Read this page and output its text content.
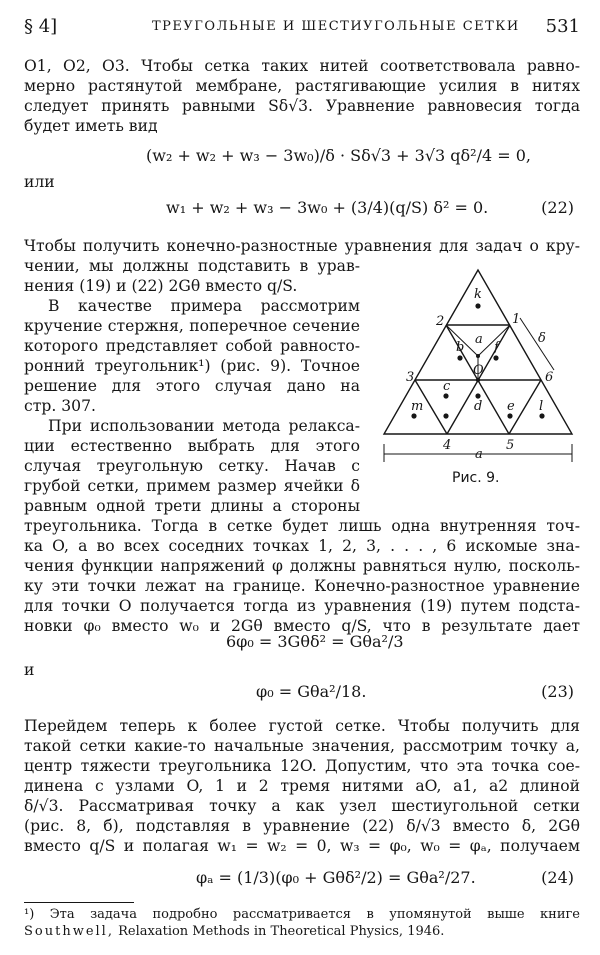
§ 4]	ТРЕУГОЛЬНЫЕ И ШЕСТИУГОЛЬНЫЕ СЕТКИ 531
O1, O2, O3. Чтобы сетка таких нитей соответствовала равно-
мерно растянутой мембране, растягивающие усилия в нитях
следует принять равными Sδ√3. Уравнение равновесия тогда
будет иметь вид
(w₂ + w₂ + w₃ − 3w₀)/δ · Sδ√3 + 3√3 qδ²/4 = 0,
или
w₁ + w₂ + w₃ − 3w₀ + (3/4)(q/S) δ² = 0.	(22)
Чтобы получить конечно-разностные уравнения для задач о кру-
чении, мы должны подставить в урав-
нения (19) и (22) 2Gθ вместо q/S.
В качестве примера рассмотрим
кручение стержня, поперечное сечение
которого представляет собой равносто-
ронний треугольник¹) (рис. 9). Точное
решение для этого случая дано на
стр. 307.
При использовании метода релакса-
ции естественно выбрать для этого
случая треугольную сетку. Начав с
грубой сетки, примем размер ячейки δ
равным одной трети длины a стороны
k
2	1
a
b
O
f
δ
3	6
c
e
m	d	l
4	5
a
Рис. 9.
треугольника. Тогда в сетке будет лишь одна внутренняя точ-
ка O, а во всех соседних точках 1, 2, 3, . . . , 6 искомые зна-
чения функции напряжений φ должны равняться нулю, посколь-
ку эти точки лежат на границе. Конечно-разностное уравнение
для точки O получается тогда из уравнения (19) путем подста-
новки φ₀ вместо w₀ и 2Gθ вместо q/S, что в результате дает
6φ₀ = 3Gθδ² = Gθa²/3
и
φ₀ = Gθa²/18.	(23)
Перейдем теперь к более густой сетке. Чтобы получить для
такой сетки какие-то начальные значения, рассмотрим точку a,
центр тяжести треугольника 12O. Допустим, что эта точка сое-
динена с узлами O, 1 и 2 тремя нитями aO, a1, a2 длиной
δ/√3. Рассматривая точку a как узел шестиугольной сетки
(рис. 8, б), подставляя в уравнение (22) δ/√3 вместо δ, 2Gθ
вместо q/S и полагая w₁ = w₂ = 0, w₃ = φ₀, w₀ = φₐ, получаем
φₐ = (1/3)(φ₀ + Gθδ²/2) = Gθa²/27.	(24)
¹) Эта задача подробно рассматривается в упомянутой выше книге
Southwell, Relaxation Methods in Theoretical Physics, 1946.
